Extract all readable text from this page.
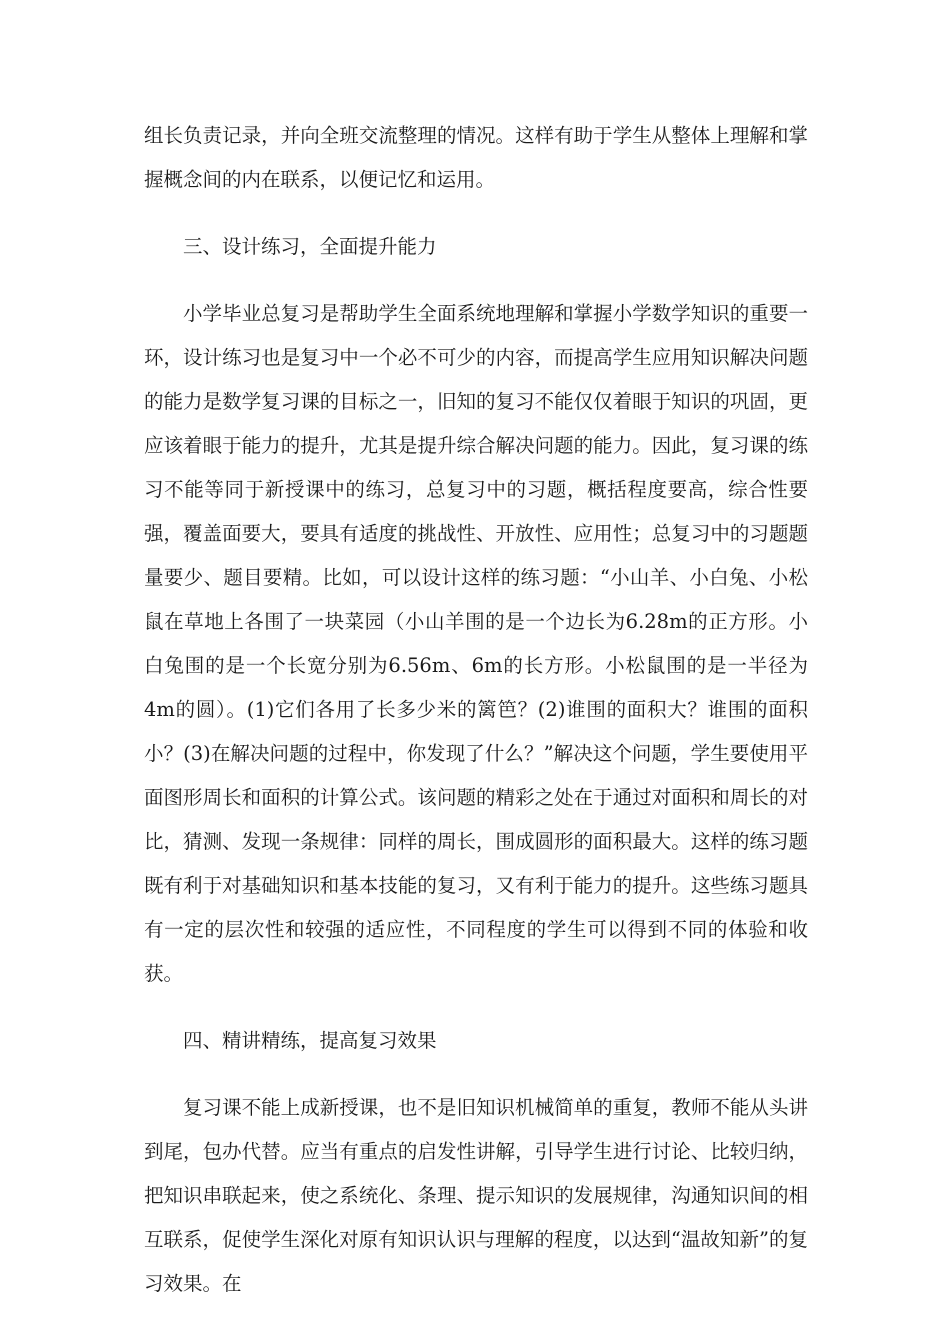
组长负责记录，并向全班交流整理的情况。这样有助于学生从整体上理解和掌握概念间的内在联系，以便记忆和运用。

三、设计练习，全面提升能力

小学毕业总复习是帮助学生全面系统地理解和掌握小学数学知识的重要一环，设计练习也是复习中一个必不可少的内容，而提高学生应用知识解决问题的能力是数学复习课的目标之一，旧知的复习不能仅仅着眼于知识的巩固，更应该着眼于能力的提升，尤其是提升综合解决问题的能力。因此，复习课的练习不能等同于新授课中的练习，总复习中的习题，概括程度要高，综合性要强，覆盖面要大，要具有适度的挑战性、开放性、应用性；总复习中的习题题量要少、题目要精。比如，可以设计这样的练习题：“小山羊、小白兔、小松鼠在草地上各围了一块菜园（小山羊围的是一个边长为6.28m的正方形。小白兔围的是一个长宽分别为6.56m、6m的长方形。小松鼠围的是一半径为4m的圆）。(1)它们各用了长多少米的篱笆？(2)谁围的面积大？谁围的面积小？(3)在解决问题的过程中，你发现了什么？”解决这个问题，学生要使用平面图形周长和面积的计算公式。该问题的精彩之处在于通过对面积和周长的对比，猜测、发现一条规律：同样的周长，围成圆形的面积最大。这样的练习题既有利于对基础知识和基本技能的复习，又有利于能力的提升。这些练习题具有一定的层次性和较强的适应性，不同程度的学生可以得到不同的体验和收获。

四、精讲精练，提高复习效果

复习课不能上成新授课，也不是旧知识机械简单的重复，教师不能从头讲到尾，包办代替。应当有重点的启发性讲解，引导学生进行讨论、比较归纳，把知识串联起来，使之系统化、条理、提示知识的发展规律，沟通知识间的相互联系，促使学生深化对原有知识认识与理解的程度，以达到“温故知新”的复习效果。在
